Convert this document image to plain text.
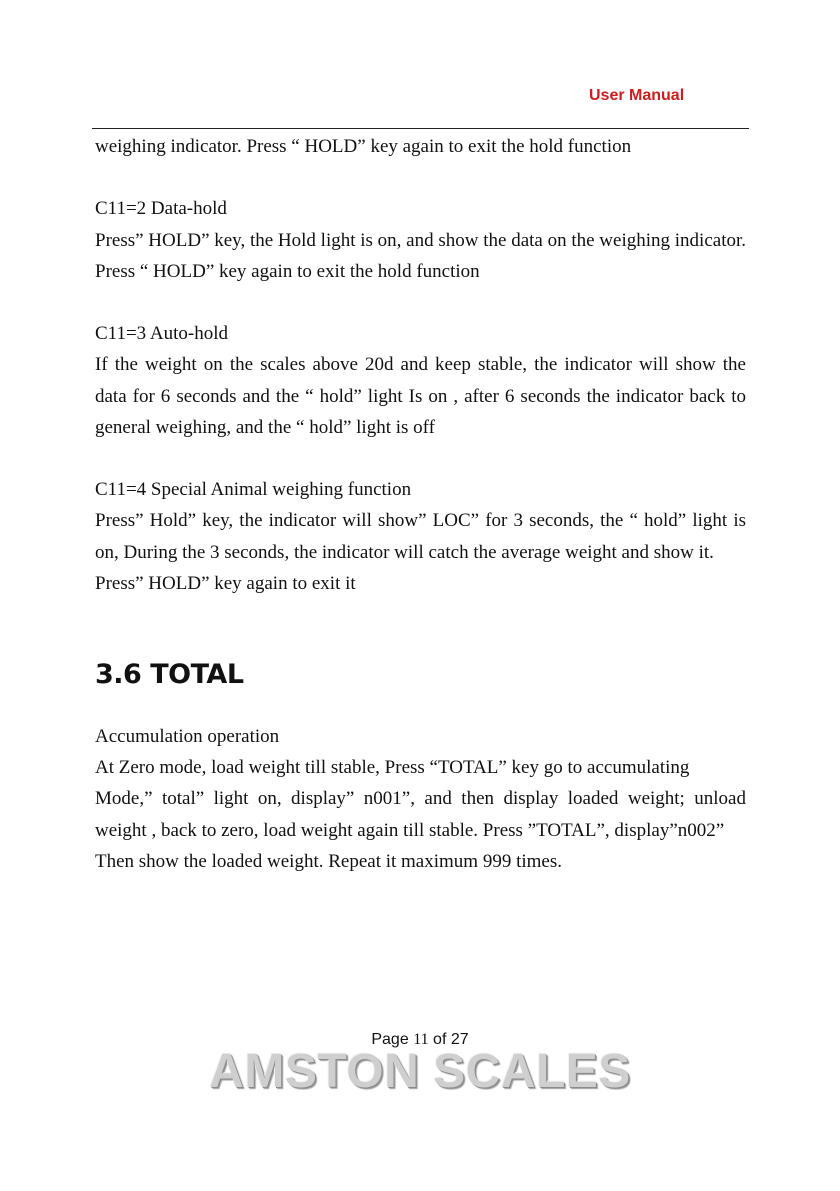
User Manual

weighing indicator. Press “ HOLD” key again to exit the hold function

C11=2 Data-hold

Press” HOLD” key, the Hold light is on, and show the data on the weighing indicator. Press “ HOLD” key again to exit the hold function

C11=3 Auto-hold

If the weight on the scales above 20d and keep stable, the indicator will show the data for 6 seconds and the “ hold” light Is on , after 6 seconds the indicator back to general weighing, and the “ hold” light is off

C11=4 Special Animal weighing function

Press” Hold” key, the indicator will show” LOC” for 3 seconds, the “ hold” light is on, During the 3 seconds, the indicator will catch the average weight and show it.

Press” HOLD” key again to exit it

3.6 TOTAL

Accumulation operation

At Zero mode, load weight till stable, Press “TOTAL” key go to accumulating

Mode,” total” light on, display” n001”, and then display loaded weight; unload weight , back to zero, load weight again till stable. Press ”TOTAL”, display”n002”

Then show the loaded weight. Repeat it maximum 999 times.

Page 11 of 27
AMSTON SCALES
